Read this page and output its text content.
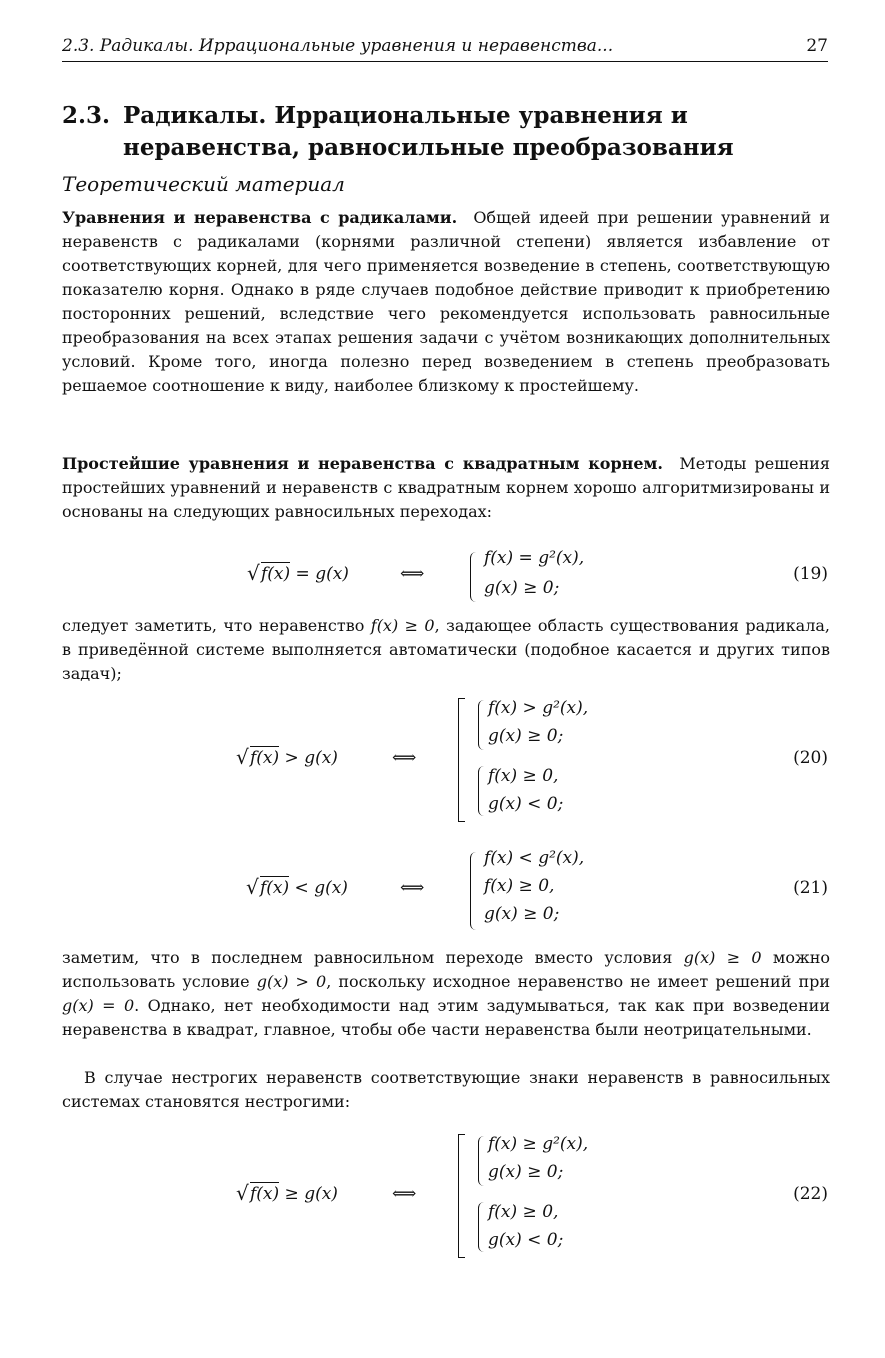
2.3. Радикалы. Иррациональные уравнения и неравенства...	27
2.3. Радикалы. Иррациональные уравнения и неравенства, равносильные преобразования
Теоретический материал
Уравнения и неравенства с радикалами. Общей идеей при решении уравнений и неравенств с радикалами (корнями различной степени) является избавление от соответствующих корней, для чего применяется возведение в степень, соответствующую показателю корня. Однако в ряде случаев подобное действие приводит к приобретению посторонних решений, вследствие чего рекомендуется использовать равносильные преобразования на всех этапах решения задачи с учётом возникающих дополнительных условий. Кроме того, иногда полезно перед возведением в степень преобразовать решаемое соотношение к виду, наиболее близкому к простейшему.
Простейшие уравнения и неравенства с квадратным корнем. Методы решения простейших уравнений и неравенств с квадратным корнем хорошо алгоритмизированы и основаны на следующих равносильных переходах:
√ f(x) = g(x)	⟺
f(x) = g²(x),
g(x) ≥ 0;
(19)
следует заметить, что неравенство f(x) ≥ 0, задающее область существования радикала, в приведённой системе выполняется автоматически (подобное касается и других типов задач);
√ f(x) > g(x)	⟺
f(x) > g²(x),
g(x) ≥ 0;
f(x) ≥ 0,
g(x) < 0;
(20)
√ f(x) < g(x)	⟺
f(x) < g²(x),
f(x) ≥ 0,
g(x) ≥ 0;
(21)
заметим, что в последнем равносильном переходе вместо условия g(x) ≥ 0 можно использовать условие g(x) > 0, поскольку исходное неравенство не имеет решений при g(x) = 0. Однако, нет необходимости над этим задумываться, так как при возведении неравенства в квадрат, главное, чтобы обе части неравенства были неотрицательными.
В случае нестрогих неравенств соответствующие знаки неравенств в равносильных системах становятся нестрогими:
√ f(x) ≥ g(x)	⟺
f(x) ≥ g²(x),
g(x) ≥ 0;
f(x) ≥ 0,
g(x) < 0;
(22)
